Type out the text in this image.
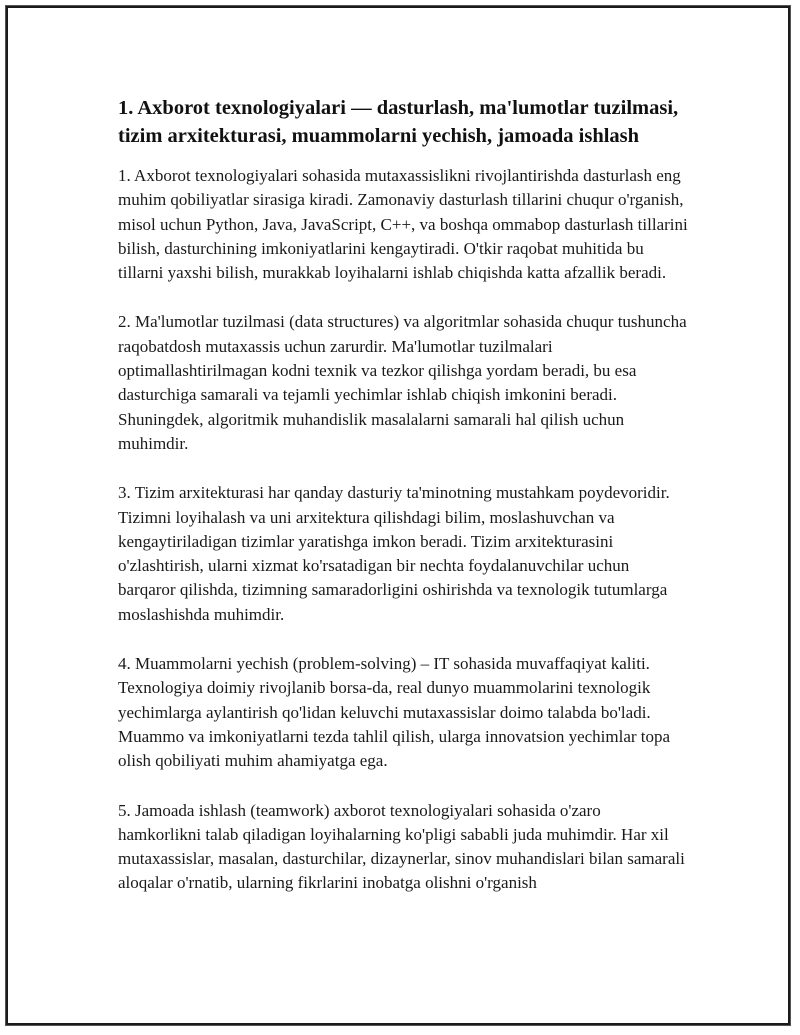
1. Axborot texnologiyalari — dasturlash, ma'lumotlar tuzilmasi, tizim arxitekturasi, muammolarni yechish, jamoada ishlash

1. Axborot texnologiyalari sohasida mutaxassislikni rivojlantirishda dasturlash eng muhim qobiliyatlar sirasiga kiradi. Zamonaviy dasturlash tillarini chuqur o'rganish, misol uchun Python, Java, JavaScript, C++, va boshqa ommabop dasturlash tillarini bilish, dasturchining imkoniyatlarini kengaytiradi. O'tkir raqobat muhitida bu tillarni yaxshi bilish, murakkab loyihalarni ishlab chiqishda katta afzallik beradi.

2. Ma'lumotlar tuzilmasi (data structures) va algoritmlar sohasida chuqur tushuncha raqobatdosh mutaxassis uchun zarurdir. Ma'lumotlar tuzilmalari optimallashtirilmagan kodni texnik va tezkor qilishga yordam beradi, bu esa dasturchiga samarali va tejamli yechimlar ishlab chiqish imkonini beradi. Shuningdek, algoritmik muhandislik masalalarni samarali hal qilish uchun muhimdir.

3. Tizim arxitekturasi har qanday dasturiy ta'minotning mustahkam poydevoridir. Tizimni loyihalash va uni arxitektura qilishdagi bilim, moslashuvchan va kengaytiriladigan tizimlar yaratishga imkon beradi. Tizim arxitekturasini o'zlashtirish, ularni xizmat ko'rsatadigan bir nechta foydalanuvchilar uchun barqaror qilishda, tizimning samaradorligini oshirishda va texnologik tutumlarga moslashishda muhimdir.

4. Muammolarni yechish (problem-solving) – IT sohasida muvaffaqiyat kaliti. Texnologiya doimiy rivojlanib borsa-da, real dunyo muammolarini texnologik yechimlarga aylantirish qo'lidan keluvchi mutaxassislar doimo talabda bo'ladi. Muammo va imkoniyatlarni tezda tahlil qilish, ularga innovatsion yechimlar topa olish qobiliyati muhim ahamiyatga ega.

5. Jamoada ishlash (teamwork) axborot texnologiyalari sohasida o'zaro hamkorlikni talab qiladigan loyihalarning ko'pligi sababli juda muhimdir. Har xil mutaxassislar, masalan, dasturchilar, dizaynerlar, sinov muhandislari bilan samarali aloqalar o'rnatib, ularning fikrlarini inobatga olishni o'rganish
